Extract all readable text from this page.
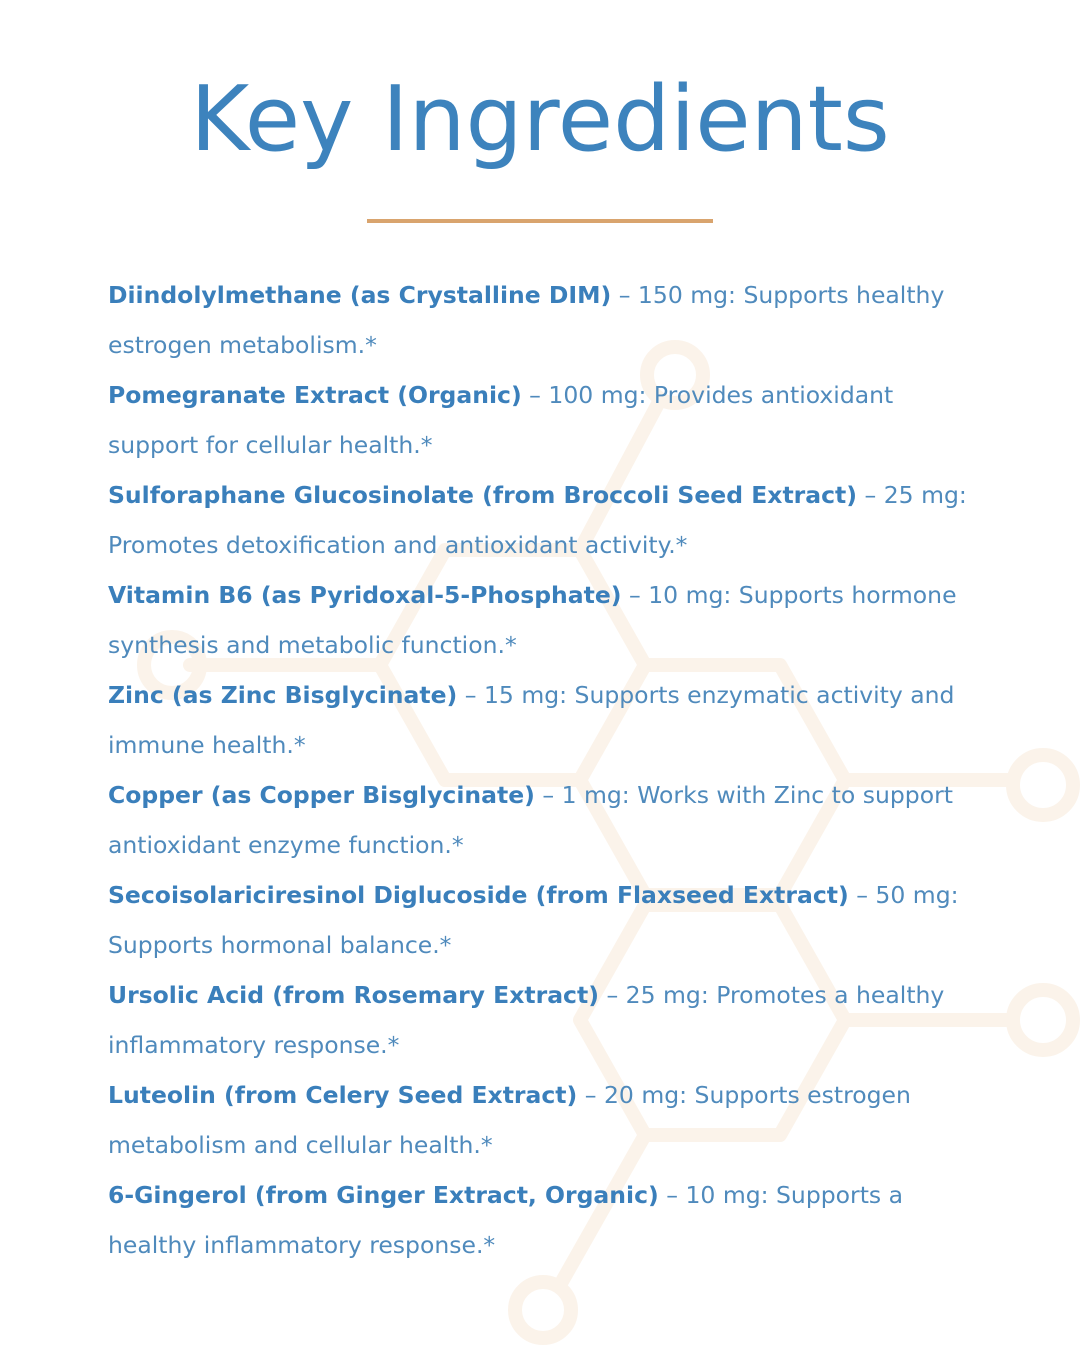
Key Ingredients
Diindolylmethane (as Crystalline DIM) – 150 mg: Supports healthy estrogen metabolism.*
Pomegranate Extract (Organic) – 100 mg: Provides antioxidant support for cellular health.*
Sulforaphane Glucosinolate (from Broccoli Seed Extract) – 25 mg: Promotes detoxification and antioxidant activity.*
Vitamin B6 (as Pyridoxal-5-Phosphate) – 10 mg: Supports hormone synthesis and metabolic function.*
Zinc (as Zinc Bisglycinate) – 15 mg: Supports enzymatic activity and immune health.*
Copper (as Copper Bisglycinate) – 1 mg: Works with Zinc to support antioxidant enzyme function.*
Secoisolariciresinol Diglucoside (from Flaxseed Extract) – 50 mg: Supports hormonal balance.*
Ursolic Acid (from Rosemary Extract) – 25 mg: Promotes a healthy inflammatory response.*
Luteolin (from Celery Seed Extract) – 20 mg: Supports estrogen metabolism and cellular health.*
6-Gingerol (from Ginger Extract, Organic) – 10 mg: Supports a healthy inflammatory response.*
